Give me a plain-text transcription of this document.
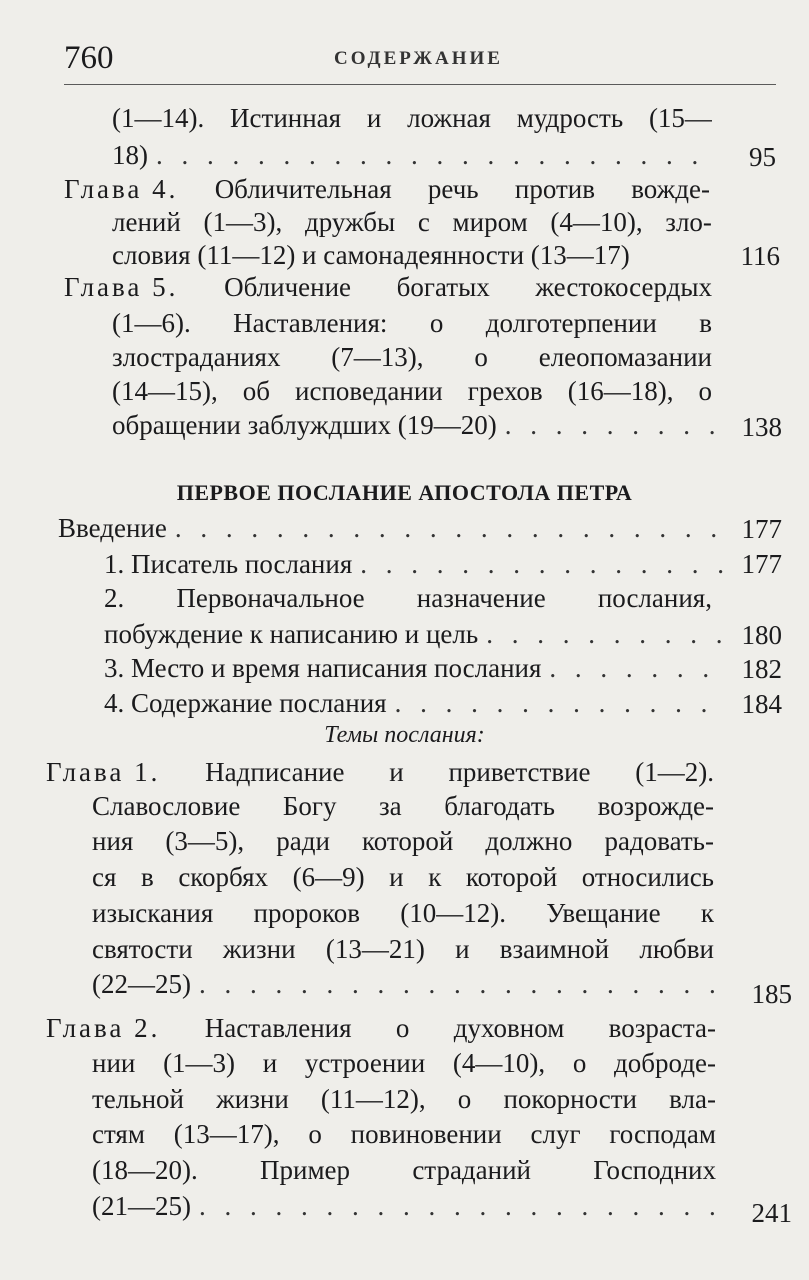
760	СОДЕРЖАНИЕ
(1—14). Истинная и ложная мудрость (15—
18) . . .	95
Глава 4. Обличительная речь против вожде-
лений (1—3), дружбы с миром (4—10), зло-
словия (11—12) и самонадеянности (13—17)	116
Глава 5. Обличение богатых жестокосердых
(1—6). Наставления: о долготерпении в
злостраданиях (7—13), о елеопомазании
(14—15), об исповедании грехов (16—18), о
обращении заблуждших (19—20) . . .	138
ПЕРВОЕ ПОСЛАНИЕ АПОСТОЛА ПЕТРА
Введение . . .	177
1. Писатель послания . . .	177
2. Первоначальное назначение послания,
побуждение к написанию и цель . . .	180
3. Место и время написания послания . . .	182
4. Содержание послания . . .	184
Темы послания:
Глава 1. Надписание и приветствие (1—2).
Славословие Богу за благодать возрожде-
ния (3—5), ради которой должно радовать-
ся в скорбях (6—9) и к которой относились
изыскания пророков (10—12). Увещание к
святости жизни (13—21) и взаимной любви
(22—25) . . .	185
Глава 2. Наставления о духовном возраста-
нии (1—3) и устроении (4—10), о доброде-
тельной жизни (11—12), о покорности вла-
стям (13—17), о повиновении слуг господам
(18—20). Пример страданий Господних
(21—25) . . .	241
